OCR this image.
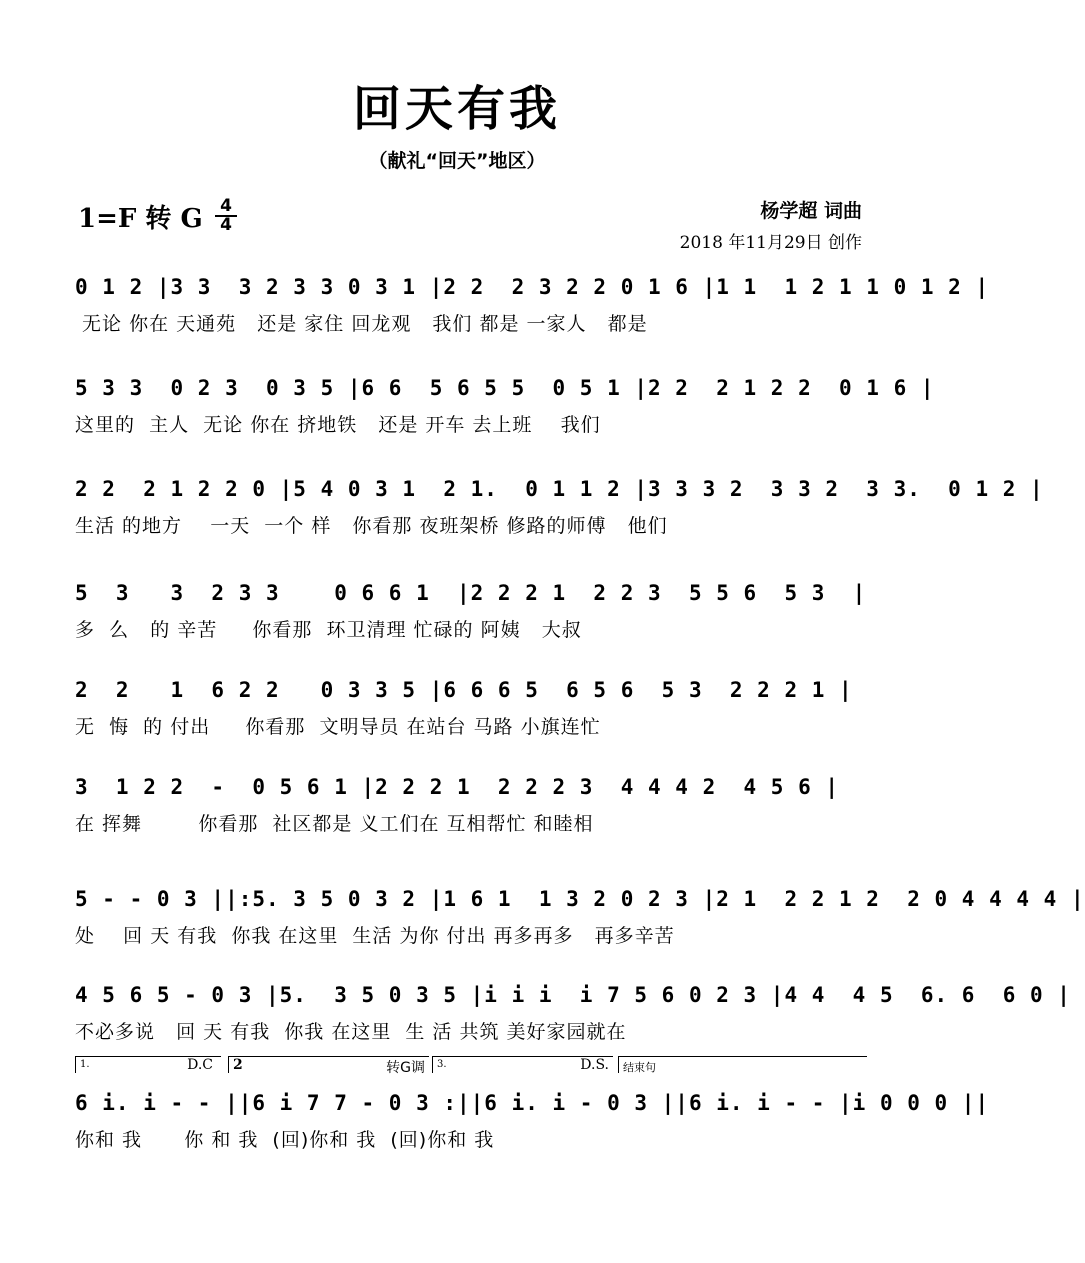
回天有我
（献礼“回天”地区）
1=F 转 G $\frac{4}{4}$	杨学超 词曲
2018 年11月29日 创作
0 1 2 |3 3  3 2 3 3 0 3 1 |2 2  2 3 2 2 0 1 6 |1 1  1 2 1 1 0 1 2 |
无论 你在 天通苑   还是 家住 回龙观   我们 都是 一家人   都是
5 3 3  0 2 3  0 3 5 |6 6  5 6 5 5  0 5 1 |2 2  2 1 2 2  0 1 6 |
这里的  主人  无论 你在 挤地铁   还是 开车 去上班    我们
2 2  2 1 2 2 0 |5 4 0 3 1  2 1.  0 1 1 2 |3 3 3 2  3 3 2  3 3.  0 1 2 |
生活 的地方    一天  一个 样   你看那 夜班架桥 修路的师傅   他们
5  3   3  2 3 3    0 6 6 1  |2 2 2 1  2 2 3  5 5 6  5 3  |
多  么   的 辛苦     你看那  环卫清理 忙碌的 阿姨   大叔
2  2   1  6 2 2   0 3 3 5 |6 6 6 5  6 5 6  5 3  2 2 2 1 |
无  悔  的 付出     你看那  文明导员 在站台 马路 小旗连忙
3  1 2 2  -  0 5 6 1 |2 2 2 1  2 2 2 3  4 4 4 2  4 5 6 |
在 挥舞        你看那  社区都是 义工们在 互相帮忙 和睦相
5 - - 0 3 ||:5. 3 5 0 3 2 |1 6 1  1 3 2 0 2 3 |2 1  2 2 1 2  2 0 4 4 4 4 |
处    回 天 有我  你我 在这里  生活 为你 付出 再多再多   再多辛苦
4 5 6 5 - 0 3 |5.  3 5 0 3 5 |i i i  i 7 5 6 0 2 3 |4 4  4 5  6. 6  6 0 |
不必多说   回 天 有我  你我 在这里  生 活 共筑 美好家园就在
1.	D.C 2	转G调 3.	D.S. 结束句
6 i. i - - ||6 i 7 7 - 0 3 :||6 i. i - 0 3 ||6 i. i - - |i 0 0 0 ||
你和 我      你 和 我  (回)你和 我  (回)你和 我
